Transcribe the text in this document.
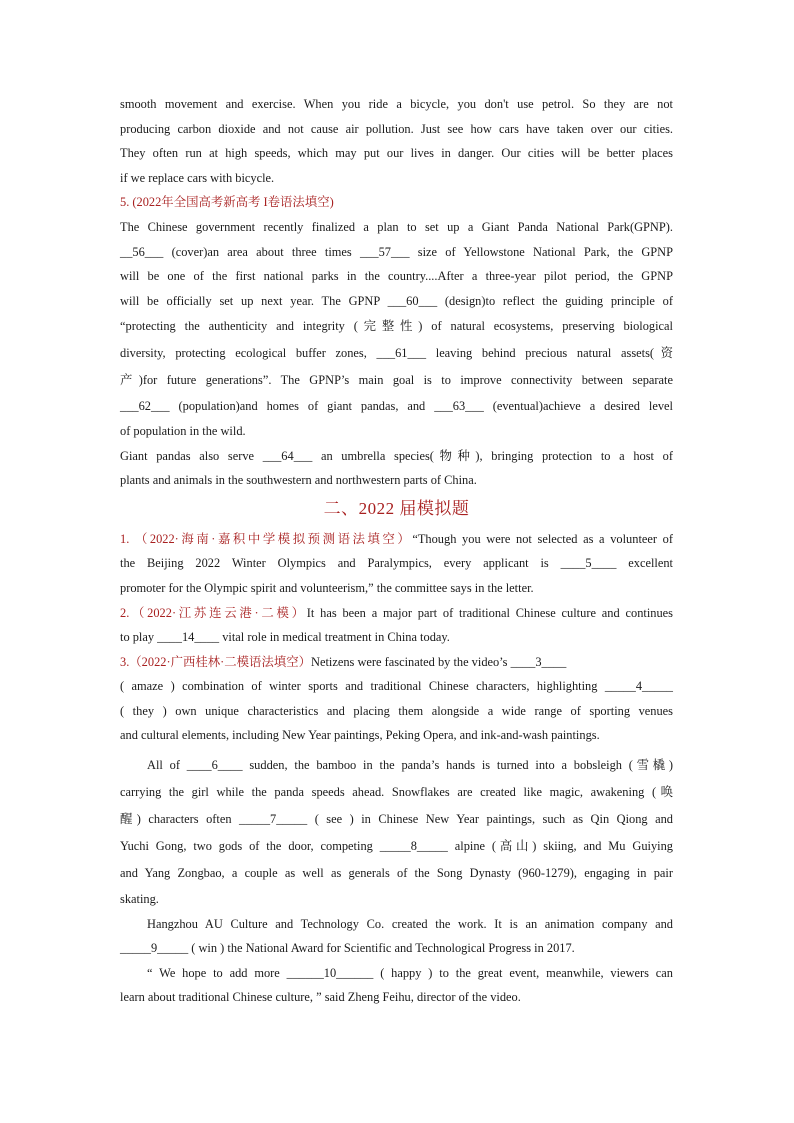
smooth movement and exercise. When you ride a bicycle, you don't use petrol. So they are not

producing carbon dioxide and not cause air pollution. Just see how cars have taken over our cities.

They often run at high speeds, which may put our lives in danger. Our cities will be better places

if we replace cars with bicycle.

5. (2022年全国高考新高考 I卷语法填空)

The Chinese government recently finalized a plan to set up a Giant Panda National Park(GPNP).

__56___ (cover)an area about three times ___57___ size of Yellowstone National Park, the GPNP

will be one of the first national parks in the country....After a three-year pilot period, the GPNP

will be officially set up next year. The GPNP ___60___ (design)to reflect the guiding principle of

“protecting the authenticity and integrity (完整性) of natural ecosystems, preserving biological

diversity, protecting ecological buffer zones, ___61___ leaving behind precious natural assets(资

产)for future generations”. The GPNP’s main goal is to improve connectivity between separate

___62___ (population)and homes of giant pandas, and ___63___ (eventual)achieve a desired level

of population in the wild.

Giant pandas also serve ___64___ an umbrella species(物种), bringing protection to a host of

plants and animals in the southwestern and northwestern parts of China.

二、2022 届模拟题

1. （2022·海南·嘉积中学模拟预测语法填空）“Though you were not selected as a volunteer of

the Beijing 2022 Winter Olympics and Paralympics, every applicant is ____5____ excellent

promoter for the Olympic spirit and volunteerism,” the committee says in the letter.

2.（2022·江苏连云港·二模）It has been a major part of traditional Chinese culture and continues

to play ____14____ vital role in medical treatment in China today.

3.（2022·广西桂林·二模语法填空）Netizens were fascinated by the video’s ____3____

( amaze ) combination of winter sports and traditional Chinese characters, highlighting _____4_____

( they ) own unique characteristics and placing them alongside a wide range of sporting venues

and cultural elements, including New Year paintings, Peking Opera, and ink-and-wash paintings.

All of ____6____ sudden, the bamboo in the panda’s hands is turned into a bobsleigh (雪橇)

carrying the girl while the panda speeds ahead. Snowflakes are created like magic, awakening (唤

醒) characters often _____7_____ ( see ) in Chinese New Year paintings, such as Qin Qiong and

Yuchi Gong, two gods of the door, competing _____8_____ alpine (高山) skiing, and Mu Guiying

and Yang Zongbao, a couple as well as generals of the Song Dynasty (960-1279), engaging in pair

skating.

Hangzhou AU Culture and Technology Co. created the work. It is an animation company and

_____9_____ ( win ) the National Award for Scientific and Technological Progress in 2017.

“ We hope to add more ______10______ ( happy ) to the great event, meanwhile, viewers can

learn about traditional Chinese culture, ” said Zheng Feihu, director of the video.
